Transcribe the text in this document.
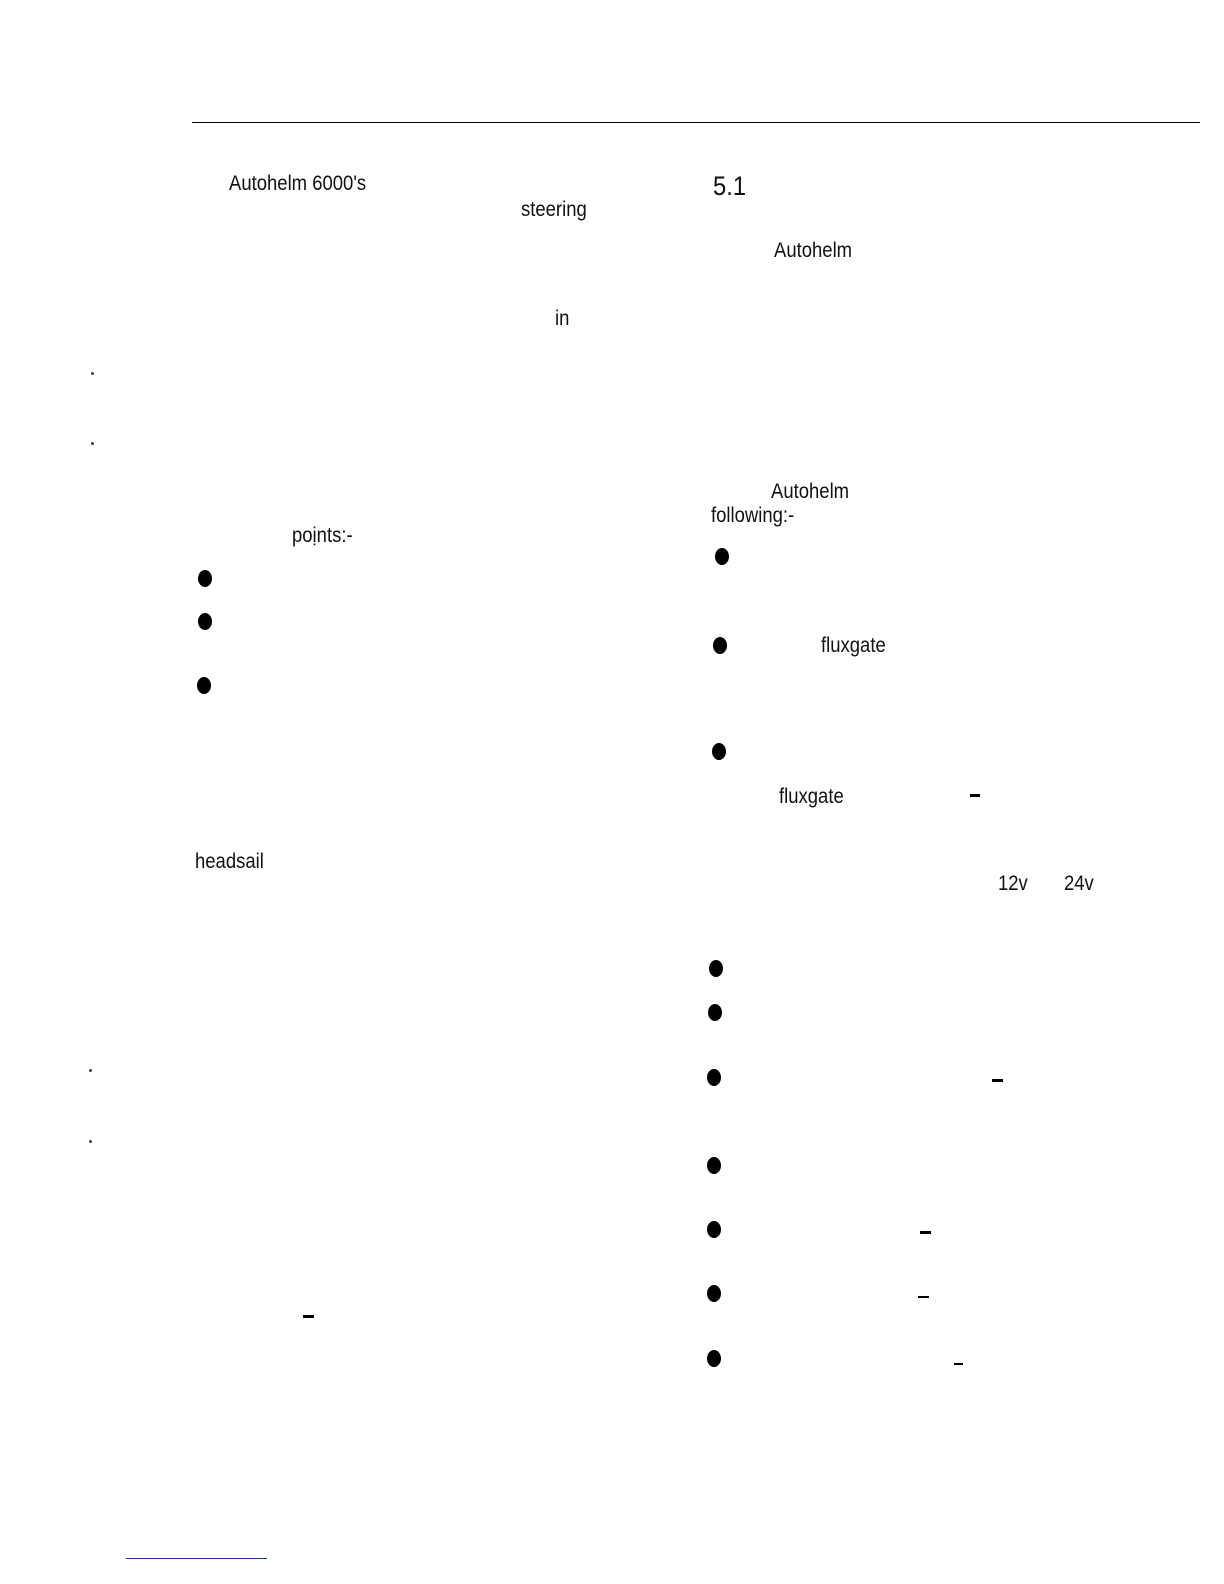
Autohelm 6000's
steering
in
poịnts:-
headsail
5.1
Autohelm
Autohelm
following:-
fluxgate
fluxgate
12v 24v
